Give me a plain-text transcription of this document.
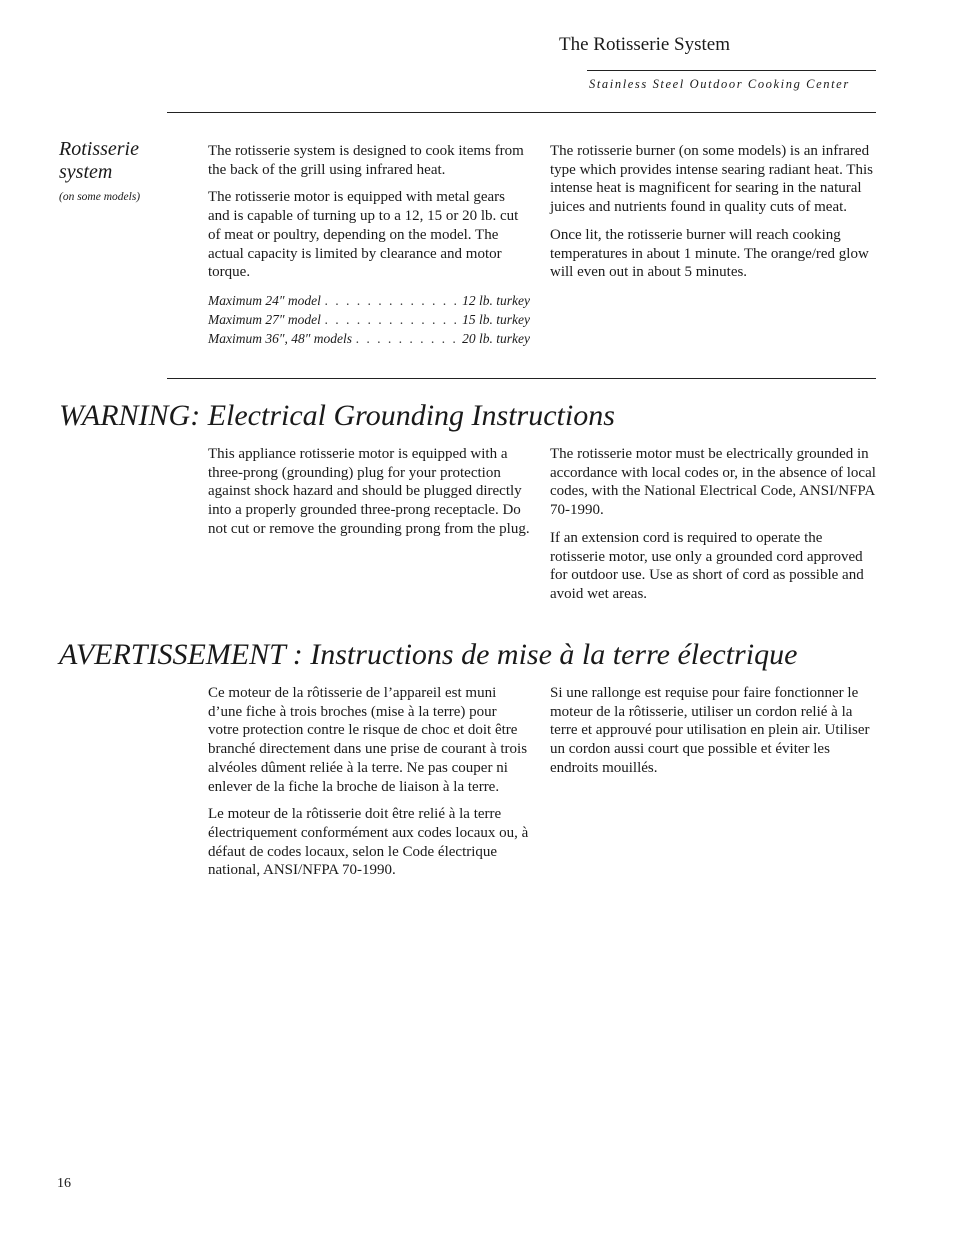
The Rotisserie System
Stainless Steel Outdoor Cooking Center
Rotisserie system
(on some models)

The rotisserie system is designed to cook items from the back of the grill using infrared heat.

The rotisserie motor is equipped with metal gears and is capable of turning up to a 12, 15 or 20 lb. cut of meat or poultry, depending on the model. The actual capacity is limited by clearance and motor torque.

Maximum 24″ model . . .	12 lb. turkey
Maximum 27″ model . . .	15 lb. turkey
Maximum 36″, 48″ models . . .	20 lb. turkey

The rotisserie burner (on some models) is an infrared type which provides intense searing radiant heat. This intense heat is magnificent for searing in the natural juices and nutrients found in quality cuts of meat.

Once lit, the rotisserie burner will reach cooking temperatures in about 1 minute. The orange/red glow will even out in about 5 minutes.

WARNING: Electrical Grounding Instructions

This appliance rotisserie motor is equipped with a three-prong (grounding) plug for your protection against shock hazard and should be plugged directly into a properly grounded three-prong receptacle. Do not cut or remove the grounding prong from the plug.

The rotisserie motor must be electrically grounded in accordance with local codes or, in the absence of local codes, with the National Electrical Code, ANSI/NFPA 70-1990.

If an extension cord is required to operate the rotisserie motor, use only a grounded cord approved for outdoor use. Use as short of cord as possible and avoid wet areas.

AVERTISSEMENT : Instructions de mise à la terre électrique

Ce moteur de la rôtisserie de l’appareil est muni d’une fiche à trois broches (mise à la terre) pour votre protection contre le risque de choc et doit être branché directement dans une prise de courant à trois alvéoles dûment reliée à la terre. Ne pas couper ni enlever de la fiche la broche de liaison à la terre.

Le moteur de la rôtisserie doit être relié à la terre électriquement conformément aux codes locaux ou, à défaut de codes locaux, selon le Code électrique national, ANSI/NFPA 70-1990.

Si une rallonge est requise pour faire fonctionner le moteur de la rôtisserie, utiliser un cordon relié à la terre et approuvé pour utilisation en plein air. Utiliser un cordon aussi court que possible et éviter les endroits mouillés.

16
